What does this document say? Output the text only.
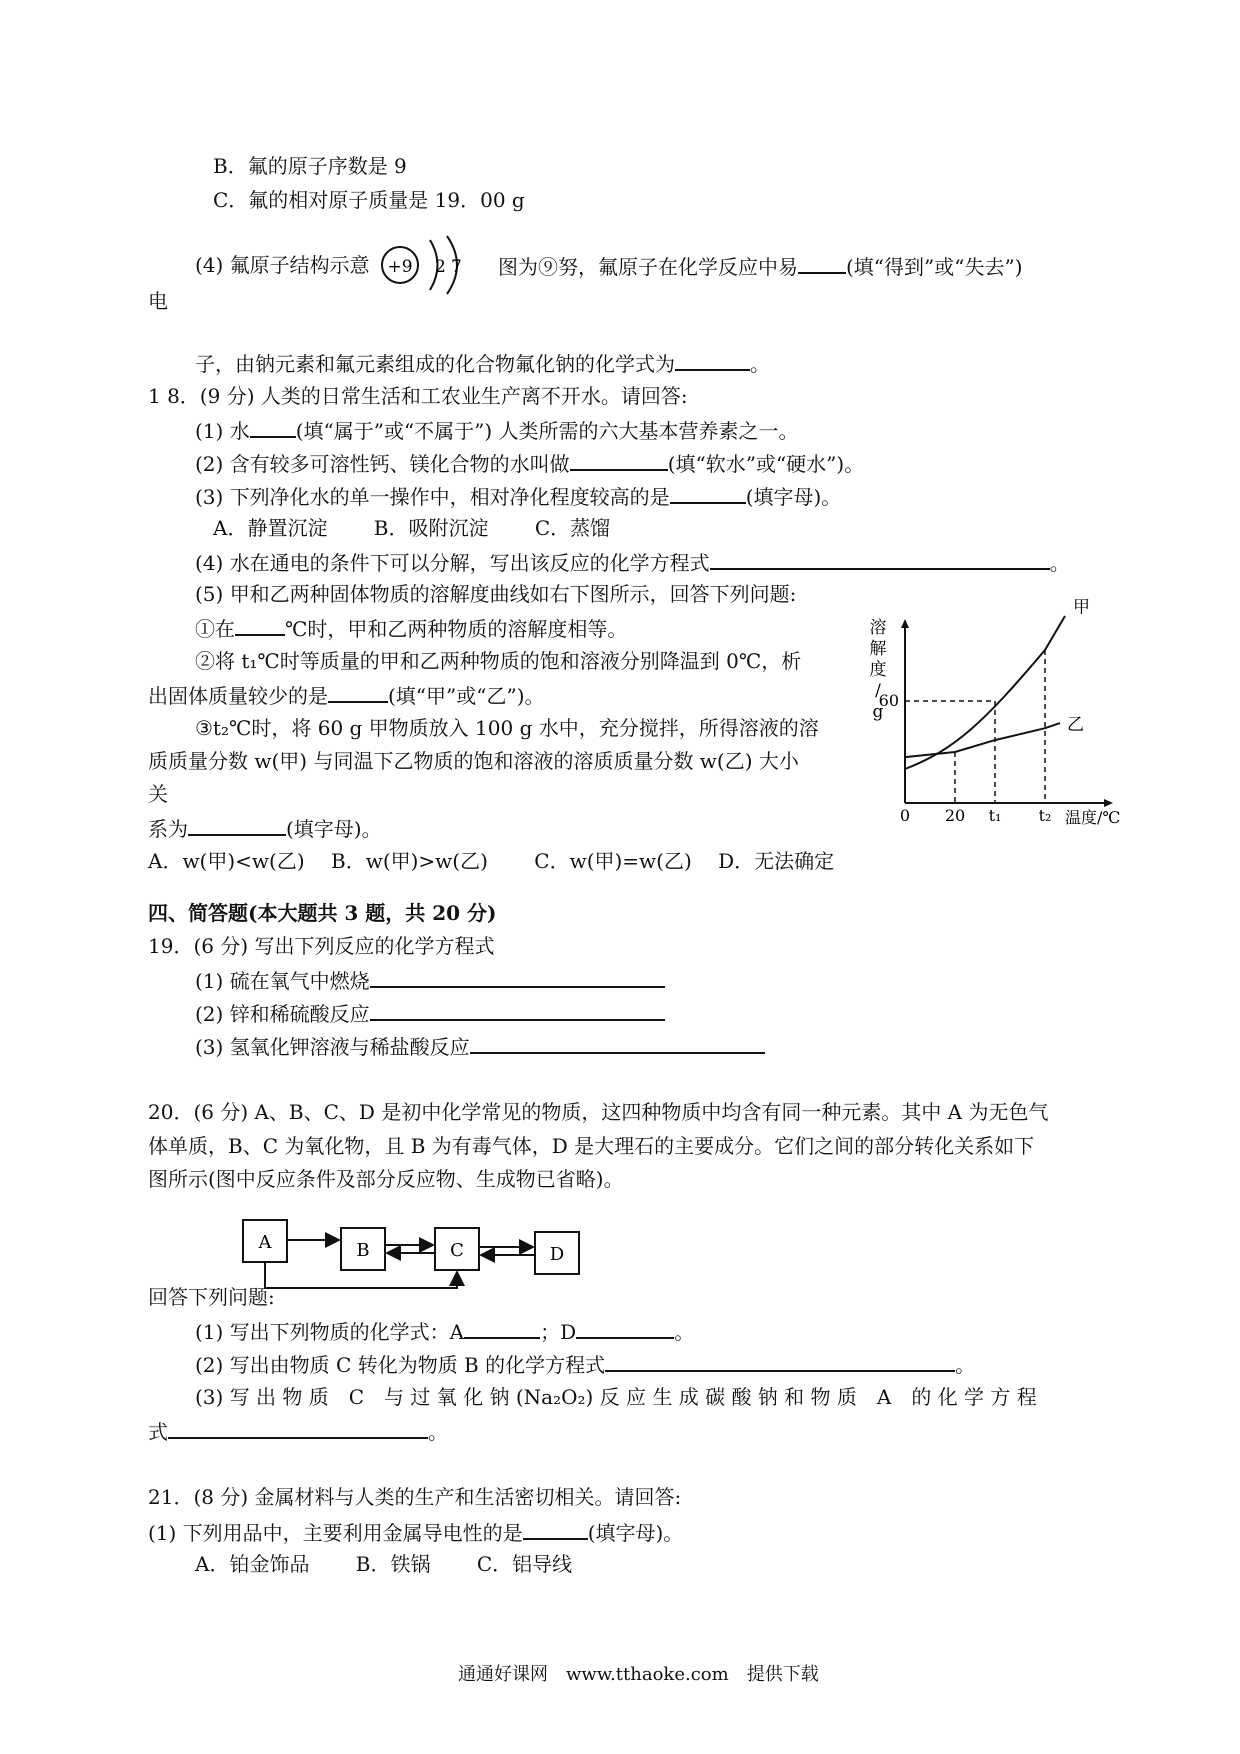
B．氟的原子序数是 9
C．氟的相对原子质量是 19．00 g
(4) 氟原子结构示意 +9 2 7 图为⑨努，氟原子在化学反应中易 (填“得到”或“失去”)
电
子，由钠元素和氟元素组成的化合物氟化钠的化学式为	。
1 8．(9 分) 人类的日常生活和工农业生产离不开水。请回答:
(1) 水 (填“属于”或“不属于”) 人类所需的六大基本营养素之一。
(2) 含有较多可溶性钙、镁化合物的水叫做	(填“软水”或“硬水”)。
(3) 下列净化水的单一操作中，相对净化程度较高的是	(填字母)。
A．静置沉淀　　 B．吸附沉淀　　 C．蒸馏
(4) 水在通电的条件下可以分解，写出该反应的化学方程式	。
(5) 甲和乙两种固体物质的溶解度曲线如右下图所示，回答下列问题:
①在	℃时，甲和乙两种物质的溶解度相等。
②将 t₁℃时等质量的甲和乙两种物质的饱和溶液分别降温到 0℃，析
出固体质量较少的是	(填“甲”或“乙”)。
③t₂℃时，将 60 g 甲物质放入 100 g 水中，充分搅拌，所得溶液的溶
质质量分数 w(甲) 与同温下乙物质的饱和溶液的溶质质量分数 w(乙) 大小
关
系为	(填字母)。
A．w(甲)<w(乙)　 B．w(甲)>w(乙)　　 C．w(甲)=w(乙)　 D．无法确定
溶
解
度
/
g
温度/℃
0 20 t₁ t₂
60
甲
乙
四、简答题(本大题共 3 题，共 20 分)
19．(6 分) 写出下列反应的化学方程式
(1) 硫在氧气中燃烧
(2) 锌和稀硫酸反应
(3) 氢氧化钾溶液与稀盐酸反应
20．(6 分) A、B、C、D 是初中化学常见的物质，这四种物质中均含有同一种元素。其中 A 为无色气
体单质，B、C 为氧化物，且 B 为有毒气体，D 是大理石的主要成分。它们之间的部分转化关系如下
图所示(图中反应条件及部分反应物、生成物已省略)。
A	B	C	D
回答下列问题:
(1) 写出下列物质的化学式：A	；D	。
(2) 写出由物质 C 转化为物质 B 的化学方程式	。
(3) 写 出 物 质　C　与 过 氧 化 钠 (Na₂O₂) 反 应 生 成 碳 酸 钠 和 物 质　A　的 化 学 方 程
式	。
21．(8 分) 金属材料与人类的生产和生活密切相关。请回答:
(1) 下列用品中，主要利用金属导电性的是	(填字母)。
A．铂金饰品　　 B．铁锅　　 C．铝导线
通通好课网　www.tthaoke.com　提供下载
